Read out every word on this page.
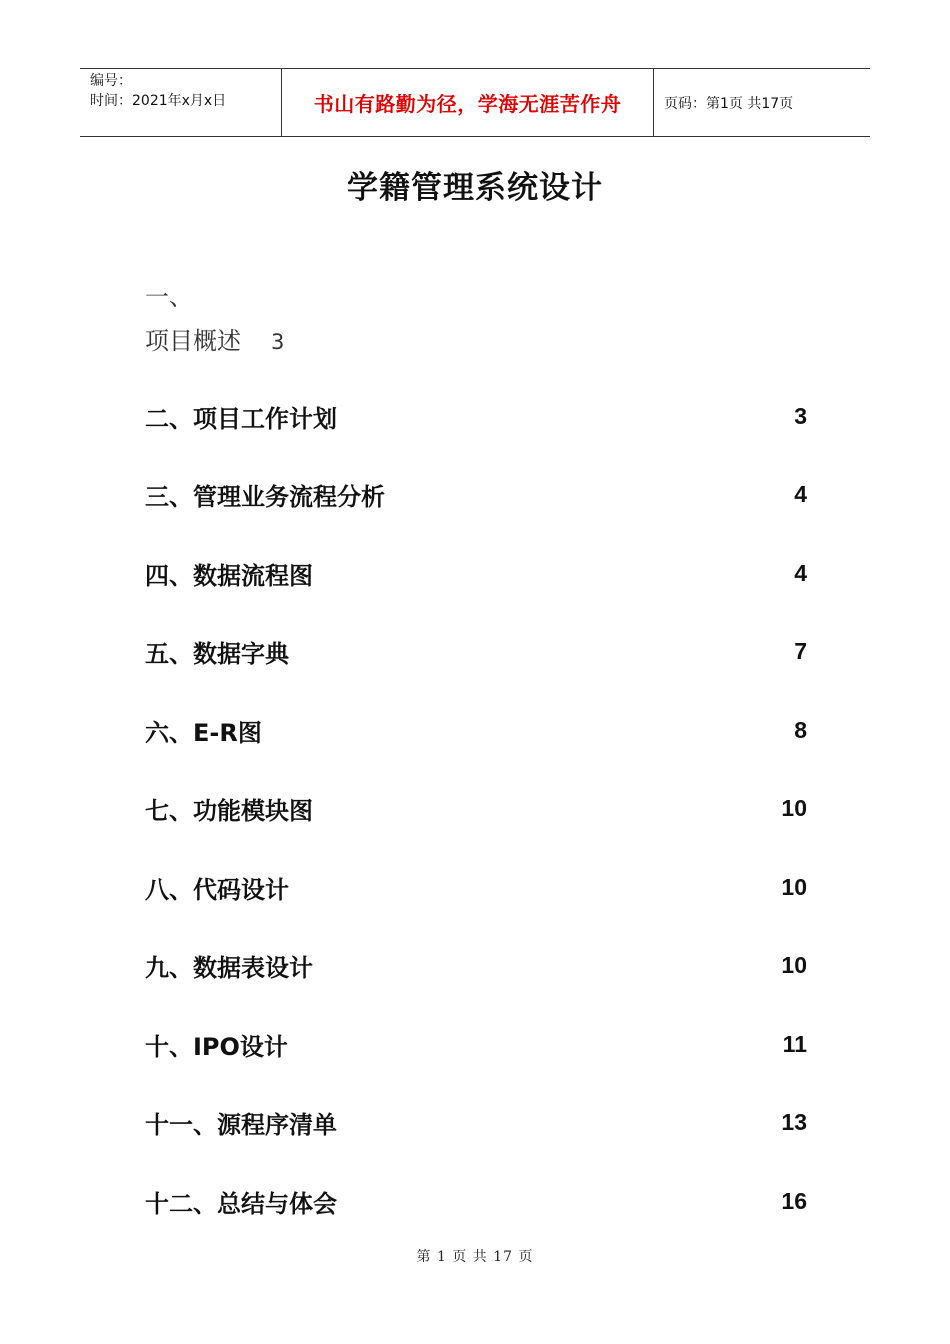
编号：
时间：2021年x月x日	书山有路勤为径，学海无涯苦作舟	页码：第1页 共17页
学籍管理系统设计
一、
项目概述 3
二、项目工作计划	3
三、管理业务流程分析	4
四、数据流程图	4
五、数据字典	7
六、E-R图	8
七、功能模块图	10
八、代码设计	10
九、数据表设计	10
十、IPO设计	11
十一、源程序清单	13
十二、总结与体会	16
第 1 页 共 17 页
